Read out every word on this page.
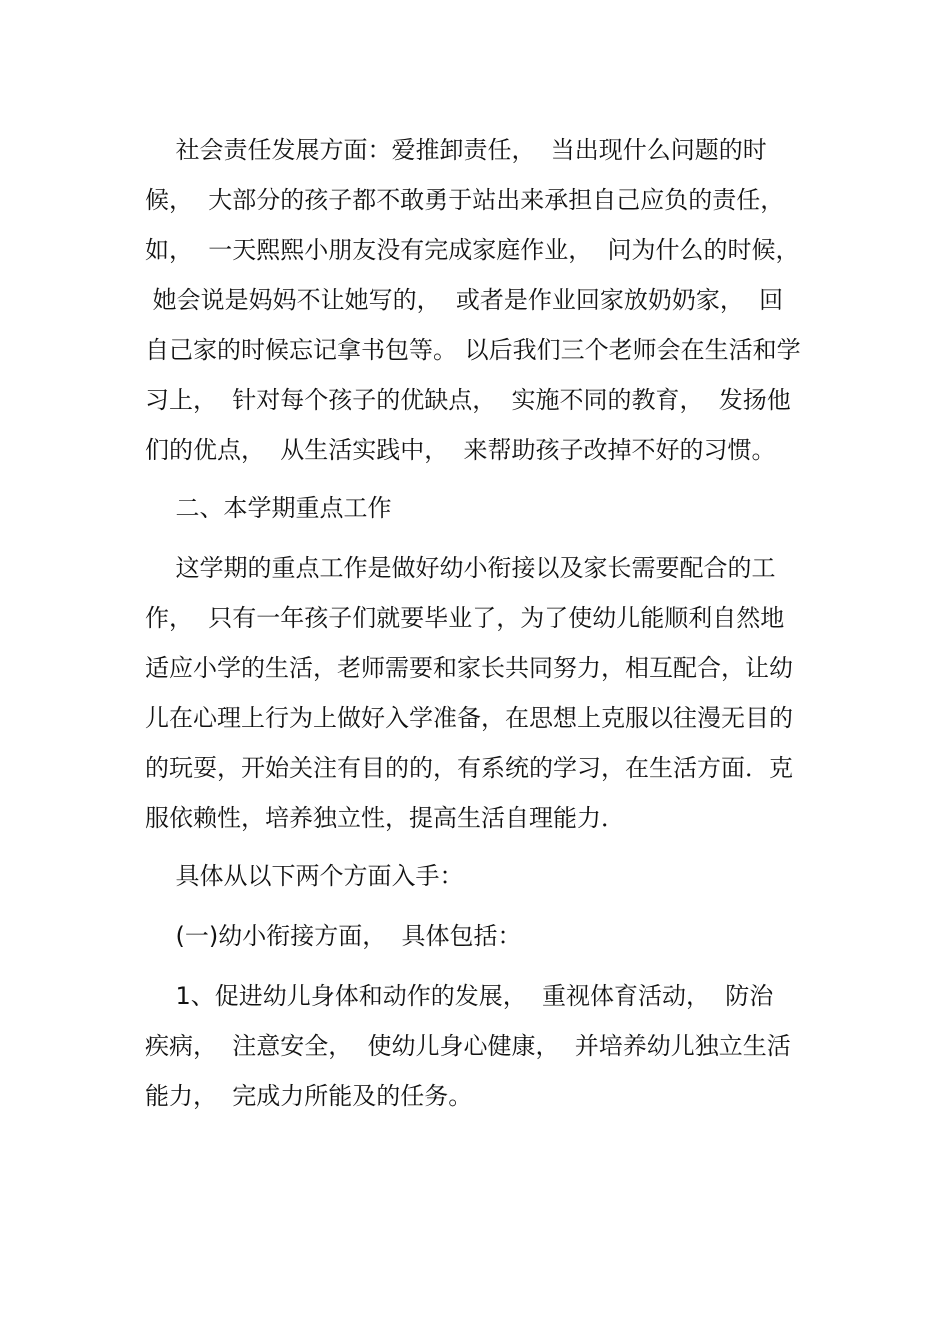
社会责任发展方面：爱推卸责任，  当出现什么问题的时
候，  大部分的孩子都不敢勇于站出来承担自己应负的责任，
如，  一天熙熙小朋友没有完成家庭作业，  问为什么的时候，
她会说是妈妈不让她写的，  或者是作业回家放奶奶家，  回
自己家的时候忘记拿书包等。 以后我们三个老师会在生活和学
习上，  针对每个孩子的优缺点，  实施不同的教育，  发扬他
们的优点，  从生活实践中，  来帮助孩子改掉不好的习惯。
二、本学期重点工作
这学期的重点工作是做好幼小衔接以及家长需要配合的工
作，  只有一年孩子们就要毕业了，为了使幼儿能顺利自然地
适应小学的生活，老师需要和家长共同努力，相互配合，让幼
儿在心理上行为上做好入学准备，在思想上克服以往漫无目的
的玩耍，开始关注有目的的，有系统的学习，在生活方面．克
服依赖性，培养独立性，提高生活自理能力．
具体从以下两个方面入手：
(一)幼小衔接方面，  具体包括：
1、促进幼儿身体和动作的发展，  重视体育活动，  防治
疾病，  注意安全，  使幼儿身心健康，  并培养幼儿独立生活
能力，  完成力所能及的任务。
